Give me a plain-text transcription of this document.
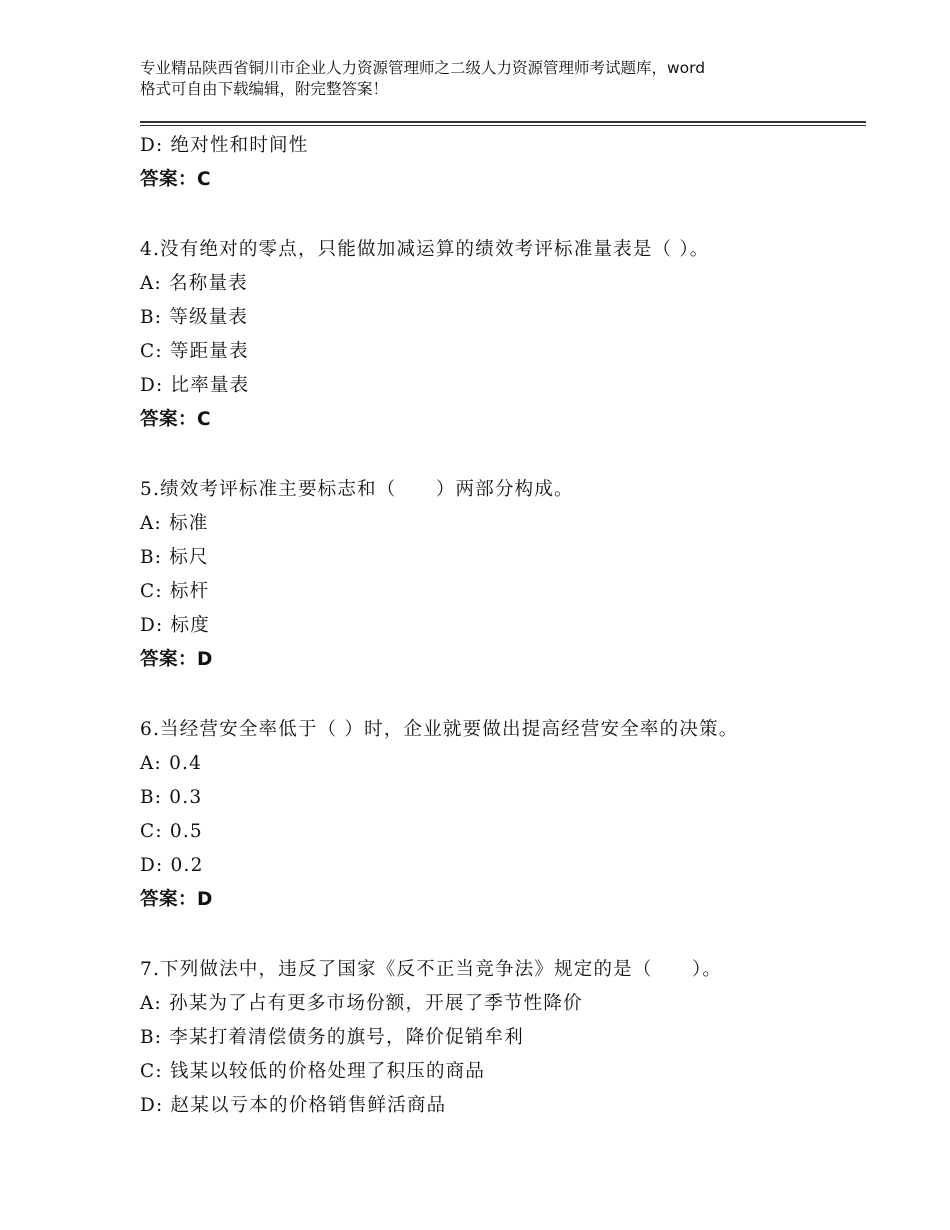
专业精品陕西省铜川市企业人力资源管理师之二级人力资源管理师考试题库，word
格式可自由下载编辑，附完整答案！
D: 绝对性和时间性
答案：C
4.没有绝对的零点，只能做加减运算的绩效考评标准量表是（ ）。
A: 名称量表
B: 等级量表
C: 等距量表
D: 比率量表
答案：C
5.绩效考评标准主要标志和（　　）两部分构成。
A: 标准
B: 标尺
C: 标杆
D: 标度
答案：D
6.当经营安全率低于（ ）时，企业就要做出提高经营安全率的决策。
A: 0.4
B: 0.3
C: 0.5
D: 0.2
答案：D
7.下列做法中，违反了国家《反不正当竞争法》规定的是（　　）。
A: 孙某为了占有更多市场份额，开展了季节性降价
B: 李某打着清偿债务的旗号，降价促销牟利
C: 钱某以较低的价格处理了积压的商品
D: 赵某以亏本的价格销售鲜活商品
